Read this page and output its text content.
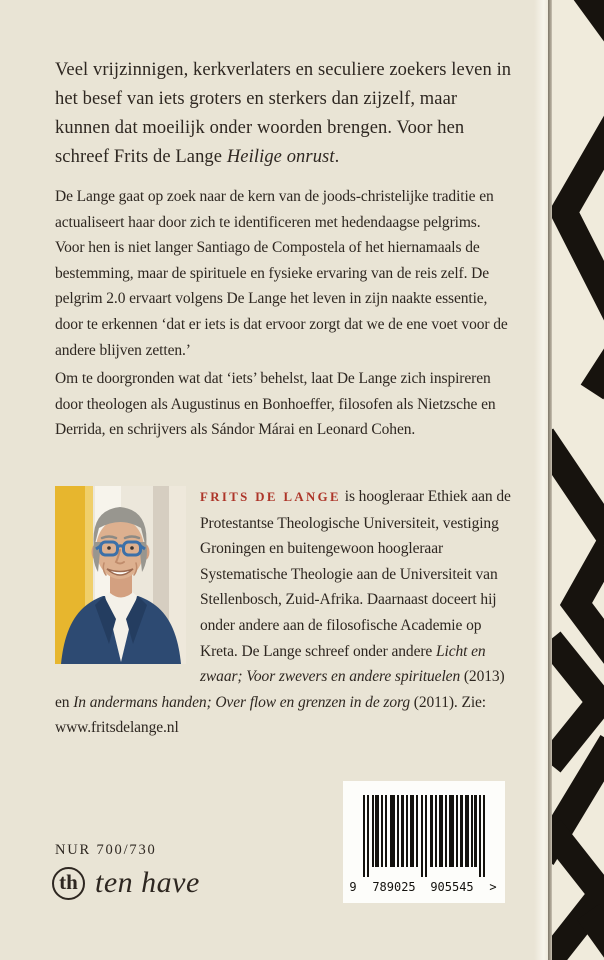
Veel vrijzinnigen, kerkverlaters en seculiere zoekers leven in het besef van iets groters en sterkers dan zijzelf, maar kunnen dat moeilijk onder woorden brengen. Voor hen schreef Frits de Lange Heilige onrust.

De Lange gaat op zoek naar de kern van de joods-christelijke traditie en actualiseert haar door zich te identificeren met hedendaagse pelgrims. Voor hen is niet langer Santiago de Compostela of het hiernamaals de bestemming, maar de spirituele en fysieke ervaring van de reis zelf. De pelgrim 2.0 ervaart volgens De Lange het leven in zijn naakte essentie, door te erkennen ‘dat er iets is dat ervoor zorgt dat we de ene voet voor de andere blijven zetten.’

Om te doorgronden wat dat ‘iets’ behelst, laat De Lange zich inspireren door theologen als Augustinus en Bonhoeffer, filosofen als Nietzsche en Derrida, en schrijvers als Sándor Márai en Leonard Cohen.

FRITS DE LANGE is hoogleraar Ethiek aan de Protestantse Theologische Universiteit, vestiging Groningen en buitengewoon hoogleraar Systematische Theologie aan de Universiteit van Stellenbosch, Zuid-Afrika. Daarnaast doceert hij onder andere aan de filosofische Academie op Kreta. De Lange schreef onder andere Licht en zwaar; Voor zwevers en andere spirituelen (2013) en In andermans handen; Over flow en grenzen in de zorg (2011). Zie: www.fritsdelange.nl
9 789025 905545 >
NUR 700/730
th ten have
